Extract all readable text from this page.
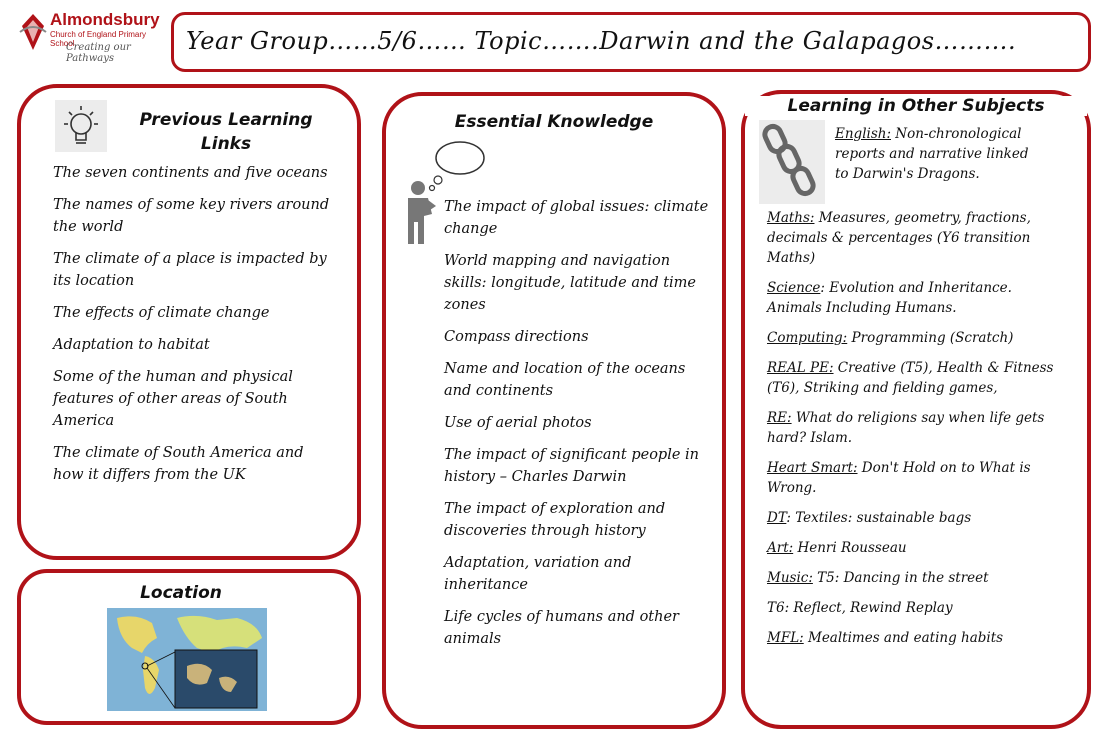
Almondsbury
Church of England Primary School
Creating our Pathways
Year Group……5/6…… Topic…….Darwin and the Galapagos……….
Previous Learning Links
The seven continents and five oceans
The names of some key rivers around the world
The climate of a place is impacted by its location
The effects of climate change
Adaptation to habitat
Some of the human and physical features of other areas of South America
The climate of South America and how it differs from the UK
Location
Essential Knowledge
The impact of global issues: climate change
World mapping and navigation skills: longitude, latitude and time zones
Compass directions
Name and location of the oceans and continents
Use of aerial photos
The impact of significant people in history – Charles Darwin
The impact of exploration and discoveries through history
Adaptation, variation and inheritance
Life cycles of humans and other animals
Learning in Other Subjects
English: Non-chronological reports and narrative linked to Darwin's Dragons.
Maths: Measures, geometry, fractions, decimals & percentages (Y6 transition Maths)
Science: Evolution and Inheritance. Animals Including Humans.
Computing: Programming (Scratch)
REAL PE: Creative (T5), Health & Fitness (T6), Striking and fielding games,
RE: What do religions say when life gets hard? Islam.
Heart Smart: Don't Hold on to What is Wrong.
DT: Textiles: sustainable bags
Art: Henri Rousseau
Music: T5: Dancing in the street
T6: Reflect, Rewind Replay
MFL: Mealtimes and eating habits
